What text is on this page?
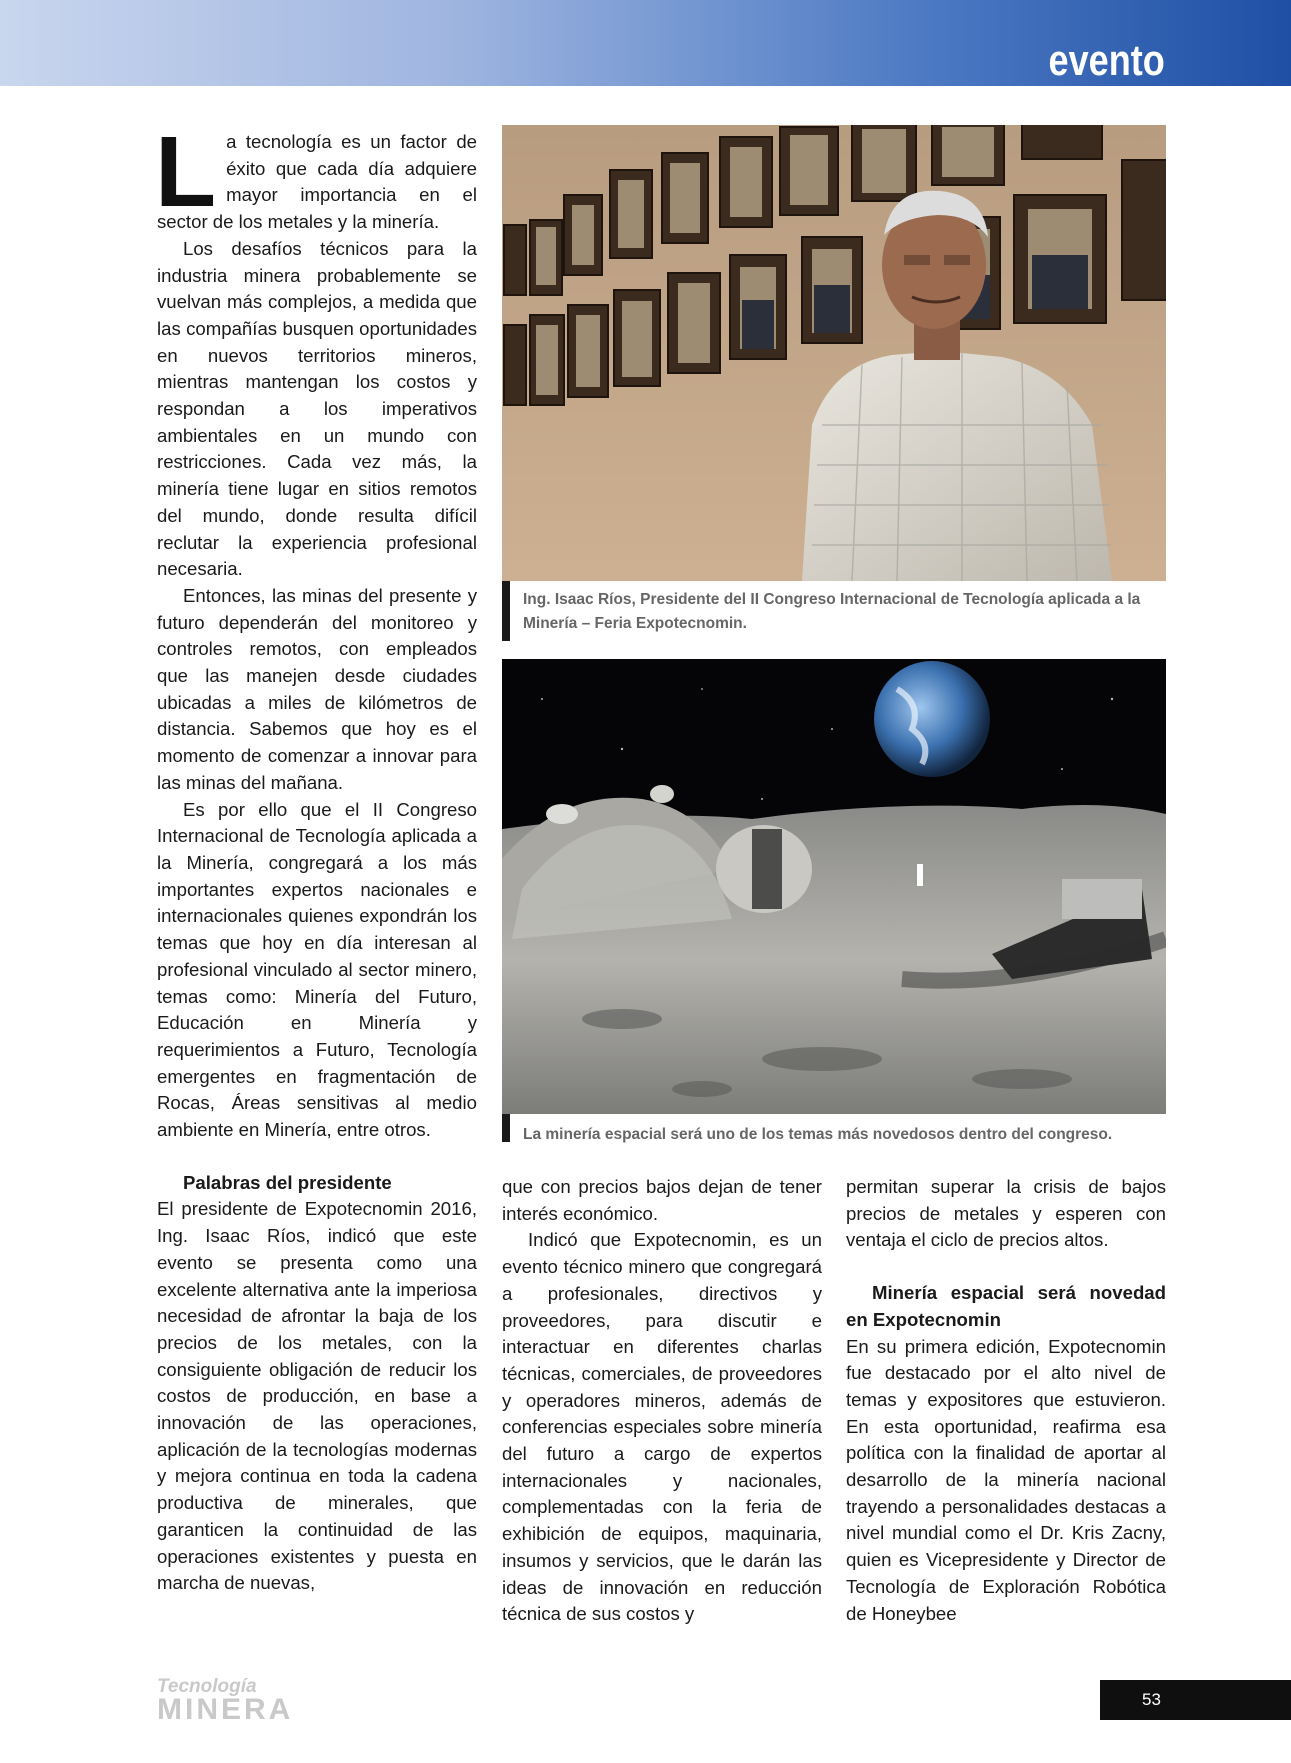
evento

La tecnología es un factor de éxito que cada día adquiere mayor importancia en el sector de los metales y la minería.

Los desafíos técnicos para la industria minera probablemente se vuelvan más complejos, a medida que las compañías busquen oportunidades en nuevos territorios mineros, mientras mantengan los costos y respondan a los imperativos ambientales en un mundo con restricciones. Cada vez más, la minería tiene lugar en sitios remotos del mundo, donde resulta difícil reclutar la experiencia profesional necesaria.

Entonces, las minas del presente y futuro dependerán del monitoreo y controles remotos, con empleados que las manejen desde ciudades ubicadas a miles de kilómetros de distancia. Sabemos que hoy es el momento de comenzar a innovar para las minas del mañana.

Es por ello que el II Congreso Internacional de Tecnología aplicada a la Minería, congregará a los más importantes expertos nacionales e internacionales quienes expondrán los temas que hoy en día interesan al profesional vinculado al sector minero, temas como: Minería del Futuro, Educación en Minería y requerimientos a Futuro, Tecnología emergentes en fragmentación de Rocas, Áreas sensitivas al medio ambiente en Minería, entre otros.

Palabras del presidente

El presidente de Expotecnomin 2016, Ing. Isaac Ríos, indicó que este evento se presenta como una excelente alternativa ante la imperiosa necesidad de afrontar la baja de los precios de los metales, con la consiguiente obligación de reducir los costos de producción, en base a innovación de las operaciones, aplicación de la tecnologías modernas y mejora continua en toda la cadena productiva de minerales, que garanticen la continuidad de las operaciones existentes y puesta en marcha de nuevas,

Ing. Isaac Ríos, Presidente del II Congreso Internacional de Tecnología aplicada a la Minería – Feria Expotecnomin.
La minería espacial será uno de los temas más novedosos dentro del congreso.

que con precios bajos dejan de tener interés económico.

Indicó que Expotecnomin, es un evento técnico minero que congregará a profesionales, directivos y proveedores, para discutir e interactuar en diferentes charlas técnicas, comerciales, de proveedores y operadores mineros, además de conferencias especiales sobre minería del futuro a cargo de expertos internacionales y nacionales, complementadas con la feria de exhibición de equipos, maquinaria, insumos y servicios, que le darán las ideas de innovación en reducción técnica de sus costos y

permitan superar la crisis de bajos precios de metales y esperen con ventaja el ciclo de precios altos.

Minería espacial será novedad en Expotecnomin

En su primera edición, Expotecnomin fue destacado por el alto nivel de temas y expositores que estuvieron. En esta oportunidad, reafirma esa política con la finalidad de aportar al desarrollo de la minería nacional trayendo a personalidades destacas a nivel mundial como el Dr. Kris Zacny, quien es Vicepresidente y Director de Tecnología de Exploración Robótica de Honeybee

Tecnología
MINERA	53
